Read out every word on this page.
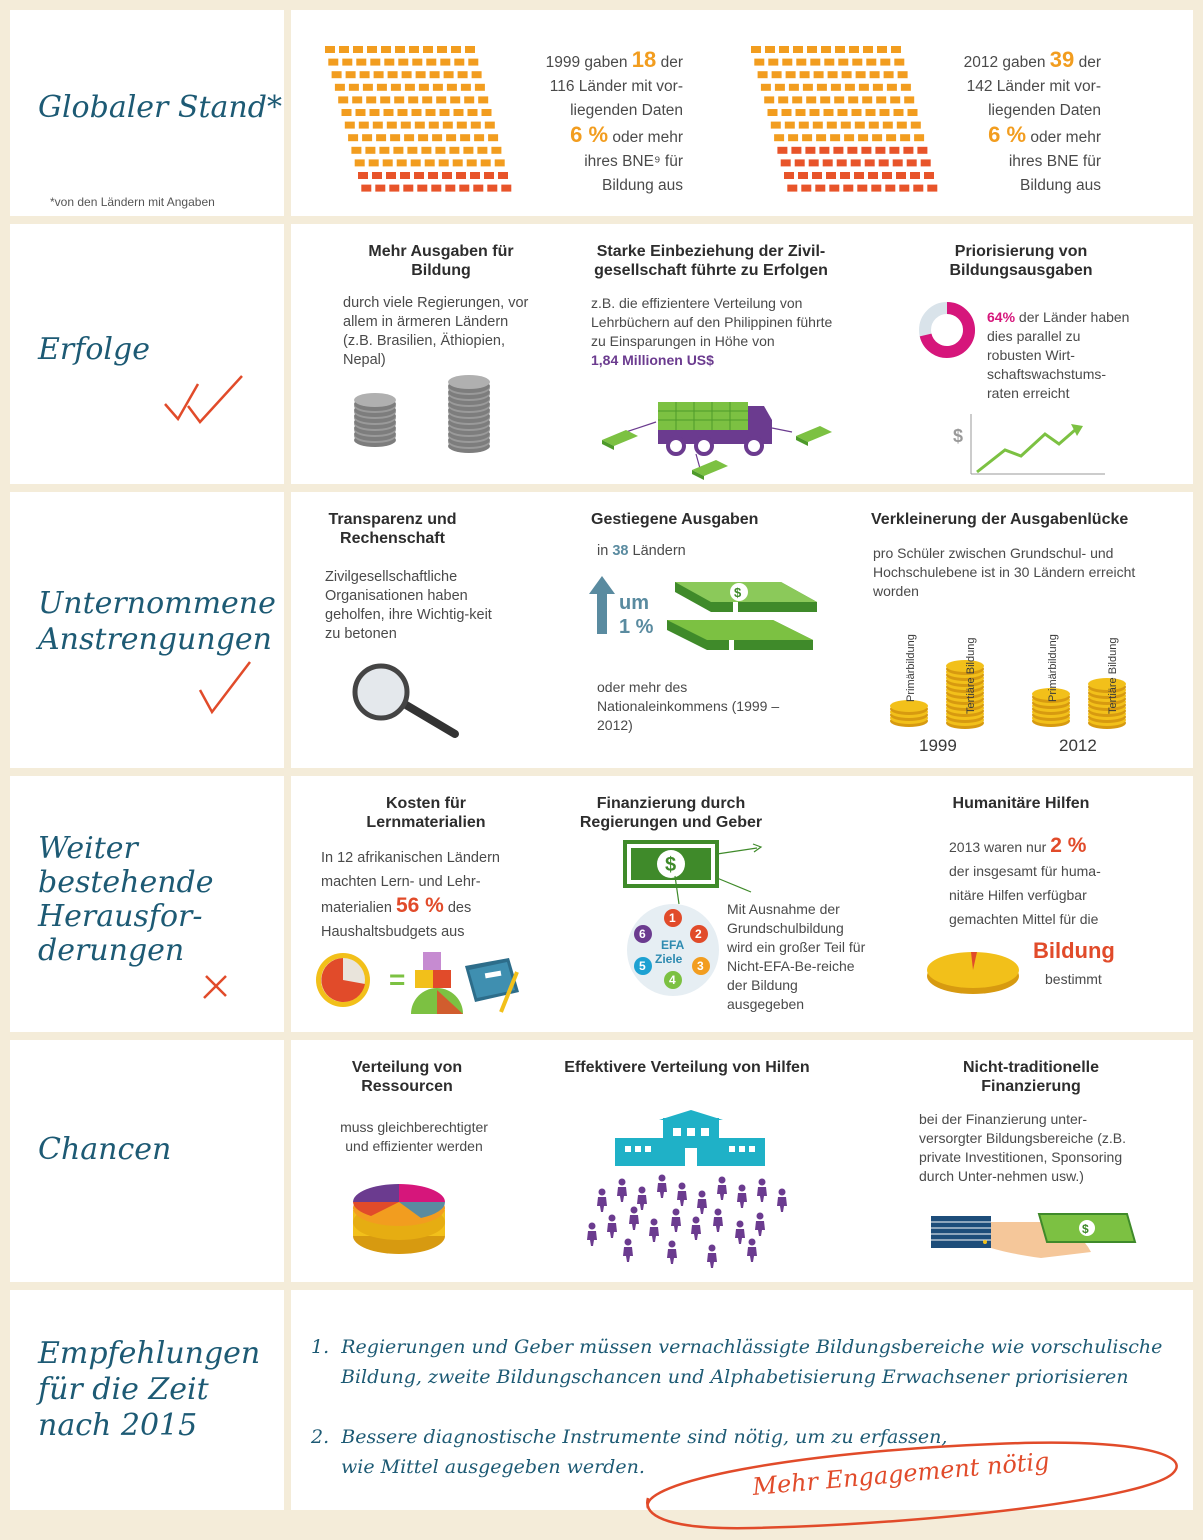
Globaler Stand*
*von den Ländern mit Angaben
1999 gaben 18 der
116 Länder mit vor-
liegenden Daten
6 % oder mehr
ihres BNE⁹ für
Bildung aus
2012 gaben 39 der
142 Länder mit vor-
liegenden Daten
6 % oder mehr
ihres BNE für
Bildung aus
Erfolge
Mehr Ausgaben für Bildung
durch viele Regierungen, vor allem in ärmeren Ländern (z.B. Brasilien, Äthiopien, Nepal)
Starke Einbeziehung der Zivil-gesellschaft führte zu Erfolgen
z.B. die effizientere Verteilung von Lehrbüchern auf den Philippinen führte zu Einsparungen in Höhe von
1,84 Millionen US$
Priorisierung von Bildungsausgaben
64% der Länder haben dies parallel zu robusten Wirt-schaftswachstums-raten erreicht
$
Unternommene
Anstrengungen
Transparenz und Rechenschaft
Zivilgesellschaftliche Organisationen haben geholfen, ihre Wichtig-keit zu betonen
Gestiegene Ausgaben
in 38 Ländern
um
1 %
$
oder mehr des Nationaleinkommens (1999 – 2012)
Verkleinerung der Ausgabenlücke
pro Schüler zwischen Grundschul- und Hochschulebene ist in 30 Ländern erreicht worden
Primärbildung	Tertiäre Bildung	Primärbildung	Tertiäre Bildung
1999	2012
Weiter
bestehende
Herausfor-
derungen
Kosten für Lernmaterialien
In 12 afrikanischen Ländern
machten Lern- und Lehr-
materialien 56 % des
Haushaltsbudgets aus
=
Finanzierung durch Regierungen und Geber
$
1
2
3
4
5
6
EFA
Ziele
Mit Ausnahme der Grundschulbildung wird ein großer Teil für Nicht-EFA-Be-reiche der Bildung ausgegeben
Humanitäre Hilfen
2013 waren nur 2 %
der insgesamt für huma-
nitäre Hilfen verfügbar
gemachten Mittel für die
Bildung
bestimmt
Chancen
Verteilung von Ressourcen
muss gleichberechtigter und effizienter werden
Effektivere Verteilung von Hilfen	Nicht-traditionelle Finanzierung
bei der Finanzierung unter-versorgter Bildungsbereiche (z.B. private Investitionen, Sponsoring durch Unter-nehmen usw.)
$
Empfehlungen
für die Zeit
nach 2015
1. Regierungen und Geber müssen vernachlässigte Bildungsbereiche wie vorschulische
Bildung, zweite Bildungschancen und Alphabetisierung Erwachsener priorisieren
2. Bessere diagnostische Instrumente sind nötig, um zu erfassen,
wie Mittel ausgegeben werden.	Mehr Engagement nötig
